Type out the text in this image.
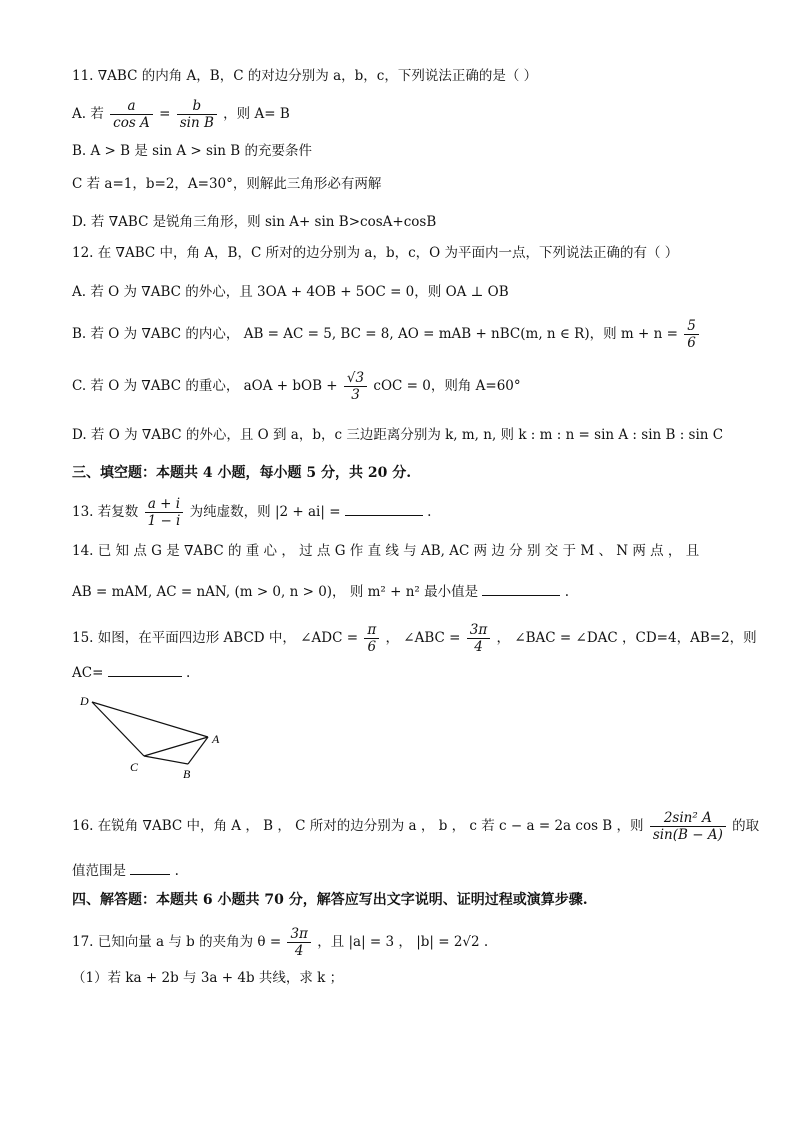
11. ∇ABC 的内角 A，B，C 的对边分别为 a，b，c，下列说法正确的是（ ）
A. 若 $\frac{a}{\text{cos A}} = \frac{b}{\text{sin B}}$ ，则 A= B
B. A > B 是 sin A > sin B 的充要条件
C 若 a=1，b=2，A=30°，则解此三角形必有两解
D. 若 ∇ABC 是锐角三角形，则 sin A+ sin B>cosA+cosB
12. 在 ∇ABC 中，角 A，B，C 所对的边分别为 a，b，c，O 为平面内一点，下列说法正确的有（ ）
A. 若 O 为 ∇ABC 的外心，且 3OA + 4OB + 5OC = 0，则 OA ⊥ OB
B. 若 O 为 ∇ABC 的内心， AB = AC = 5, BC = 8, AO = mAB + nBC(m, n ∈ R)，则 $m + n = \frac{5}{6}$
C. 若 O 为 ∇ABC 的重心， aOA + bOB + $\frac{√3}{3}$ cOC = 0，则角 A=60°
D. 若 O 为 ∇ABC 的外心，且 O 到 a，b，c 三边距离分别为 k, m, n, 则 k : m : n = sin A : sin B : sin C
三、填空题：本题共 4 小题，每小题 5 分，共 20 分.
13. 若复数 $\frac{a + i}{1 - i}$ 为纯虚数，则 |2 + ai| =	.
14. 已 知 点 G 是 ∇ABC 的 重 心 ， 过 点 G 作 直 线 与 AB, AC 两 边 分 别 交 于 M 、 N 两 点 ， 且
AB = mAM, AC = nAN, (m > 0, n > 0)， 则 m² + n² 最小值是	.
15. 如图，在平面四边形 ABCD 中， ∠ADC = $\frac{\pi}{6}$ ， ∠ABC = $\frac{3\pi}{4}$ ， ∠BAC = ∠DAC ，CD=4，AB=2，则
AC=	.
D
A
C	B
16. 在锐角 ∇ABC 中，角 A ， B ， C 所对的边分别为 a ， b ， c 若 c − a = 2a cos B ，则 $\frac{\text{2sin² A}}{\sin(B - A)}$ 的取
值范围是	.
四、解答题：本题共 6 小题共 70 分，解答应写出文字说明、证明过程或演算步骤.
17. 已知向量 a 与 b 的夹角为 $\theta = \frac{3\pi}{4}$ ，且 |a| = 3 ， |b| = 2√2 .
（1）若 ka + 2b 与 3a + 4b 共线，求 k ；
